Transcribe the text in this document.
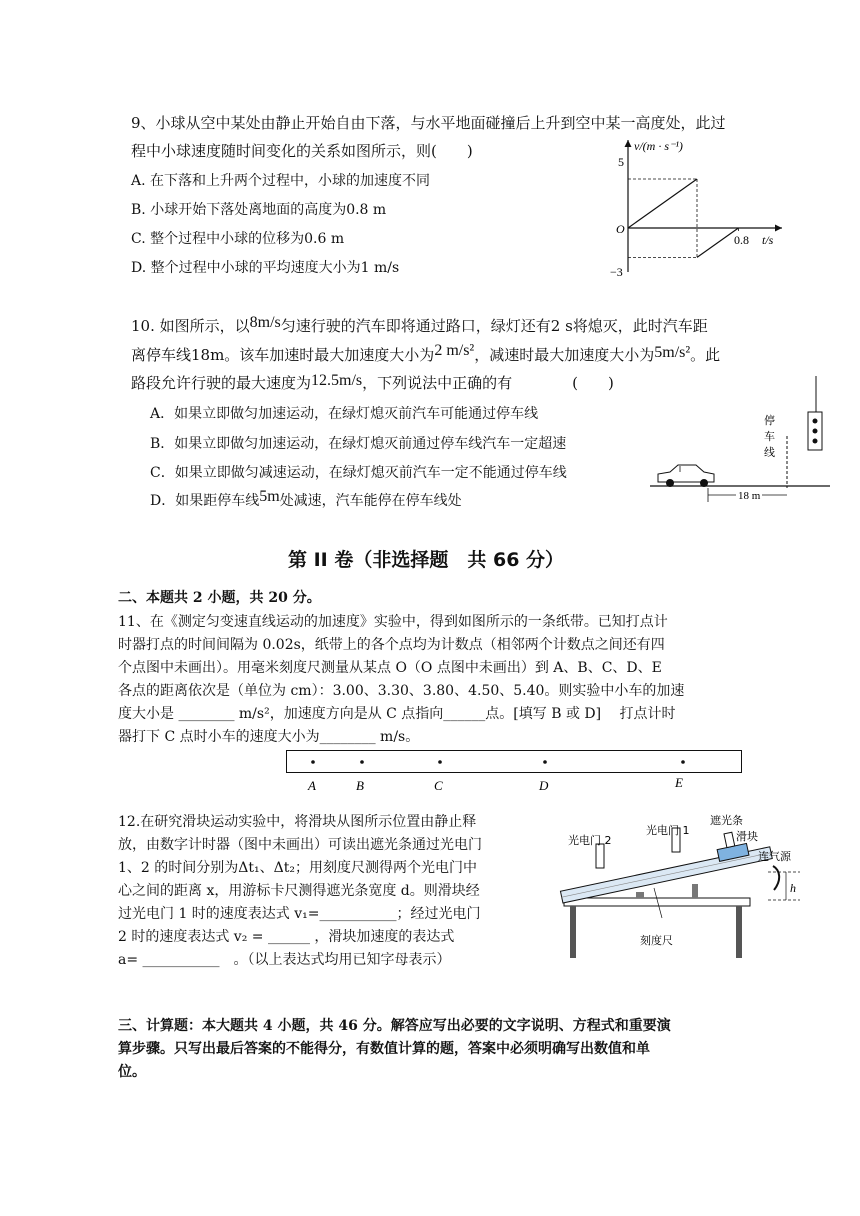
9、小球从空中某处由静止开始自由下落，与水平地面碰撞后上升到空中某一高度处，此过
程中小球速度随时间变化的关系如图所示，则(　　)
A. 在下落和上升两个过程中，小球的加速度不同
B. 小球开始下落处离地面的高度为0.8 m
C. 整个过程中小球的位移为0.6 m
D. 整个过程中小球的平均速度大小为1 m/s
v/(m · s⁻¹)
t/s
O
5
−3
0.8
10. 如图所示，以8m/s匀速行驶的汽车即将通过路口，绿灯还有2 s将熄灭，此时汽车距
离停车线18m。该车加速时最大加速度大小为2 m/s²，减速时最大加速度大小为5m/s²。此
路段允许行驶的最大速度为12.5m/s，下列说法中正确的有　　　　(　　)
A．如果立即做匀加速运动，在绿灯熄灭前汽车可能通过停车线
B．如果立即做匀加速运动，在绿灯熄灭前通过停车线汽车一定超速
C．如果立即做匀减速运动，在绿灯熄灭前汽车一定不能通过停车线
D．如果距停车线5m处减速，汽车能停在停车线处
停
车
线
18 m
第 II 卷（非选择题　共 66 分）
二、本题共 2 小题，共 20 分。
11、在《测定匀变速直线运动的加速度》实验中，得到如图所示的一条纸带。已知打点计
时器打点的时间间隔为 0.02s，纸带上的各个点均为计数点（相邻两个计数点之间还有四
个点图中未画出）。用毫米刻度尺测量从某点 O（O 点图中未画出）到 A、B、C、D、E
各点的距离依次是（单位为 cm）：3.00、3.30、3.80、4.50、5.40。则实验中小车的加速
度大小是 ________ m/s²，加速度方向是从 C 点指向______点。[填写 B 或 D]　 打点计时
器打下 C 点时小车的速度大小为________ m/s。
A	B	C	D	E
12.在研究滑块运动实验中，将滑块从图所示位置由静止释
放，由数字计时器（图中未画出）可读出遮光条通过光电门
1、2 的时间分别为Δt₁、Δt₂；用刻度尺测得两个光电门中
心之间的距离 x，用游标卡尺测得遮光条宽度 d。则滑块经
过光电门 1 时的速度表达式 v₁=___________；经过光电门
2 时的速度表达式 v₂ = ______ ，滑块加速度的表达式
a= ___________　。（以上表达式均用已知字母表示）
h
光电门 2
光电门 1
遮光条
滑块
连气源
刻度尺
三、计算题：本大题共 4 小题，共 46 分。解答应写出必要的文字说明、方程式和重要演
算步骤。只写出最后答案的不能得分，有数值计算的题，答案中必须明确写出数值和单
位。
